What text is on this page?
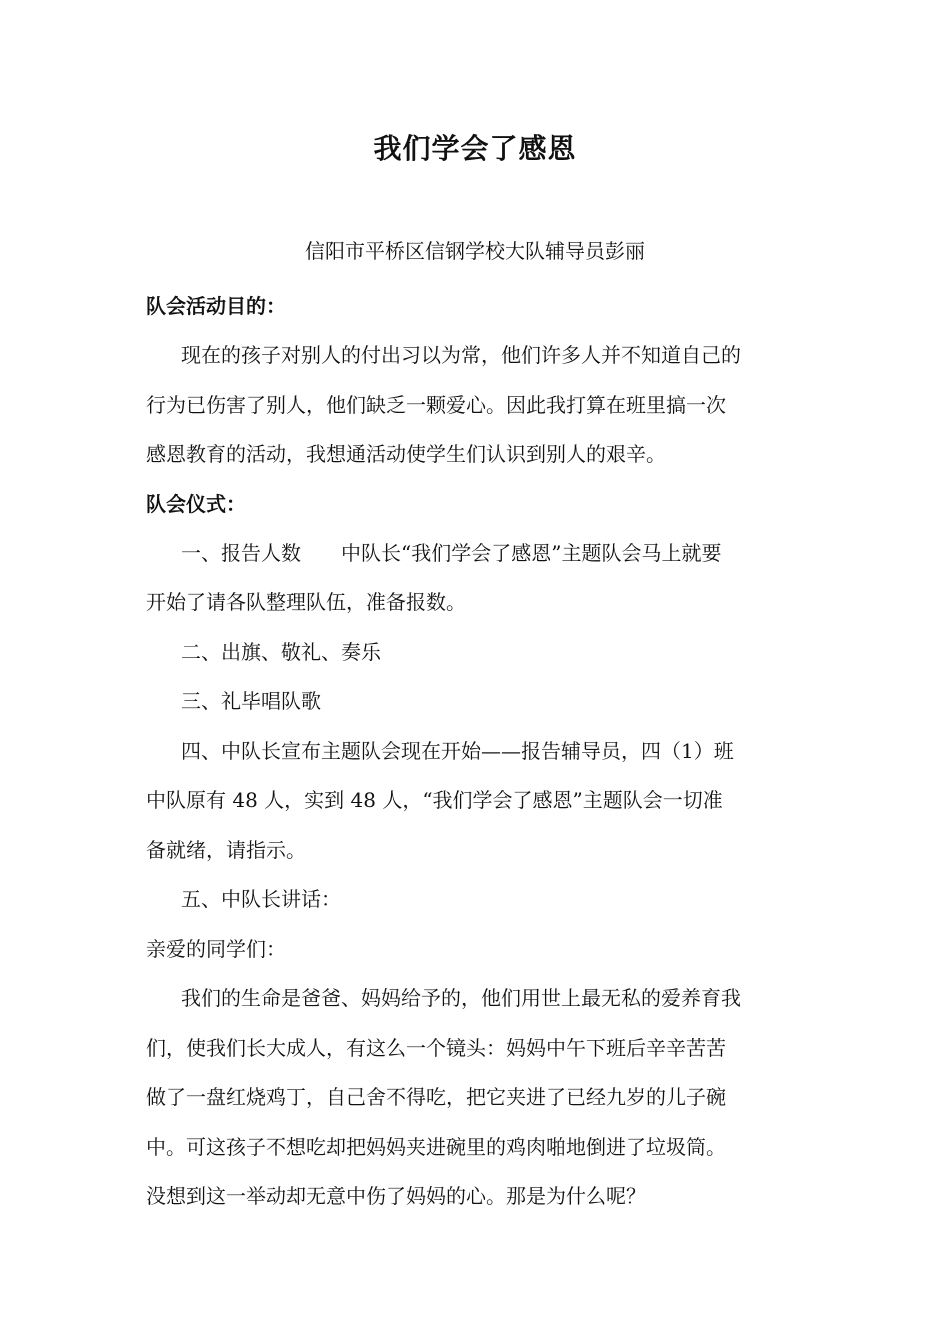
我们学会了感恩

信阳市平桥区信钢学校大队辅导员彭丽

队会活动目的：
现在的孩子对别人的付出习以为常，他们许多人并不知道自己的
行为已伤害了别人，他们缺乏一颗爱心。因此我打算在班里搞一次
感恩教育的活动，我想通活动使学生们认识到别人的艰辛。
队会仪式：
一、报告人数　　中队长“我们学会了感恩”主题队会马上就要
开始了请各队整理队伍，准备报数。
二、出旗、敬礼、奏乐
三、礼毕唱队歌
四、中队长宣布主题队会现在开始——报告辅导员，四（1）班
中队原有 48 人，实到 48 人，“我们学会了感恩”主题队会一切准
备就绪，请指示。
五、中队长讲话：
亲爱的同学们：
我们的生命是爸爸、妈妈给予的，他们用世上最无私的爱养育我
们，使我们长大成人，有这么一个镜头：妈妈中午下班后辛辛苦苦
做了一盘红烧鸡丁，自己舍不得吃，把它夹进了已经九岁的儿子碗
中。可这孩子不想吃却把妈妈夹进碗里的鸡肉啪地倒进了垃圾筒。
没想到这一举动却无意中伤了妈妈的心。那是为什么呢？
